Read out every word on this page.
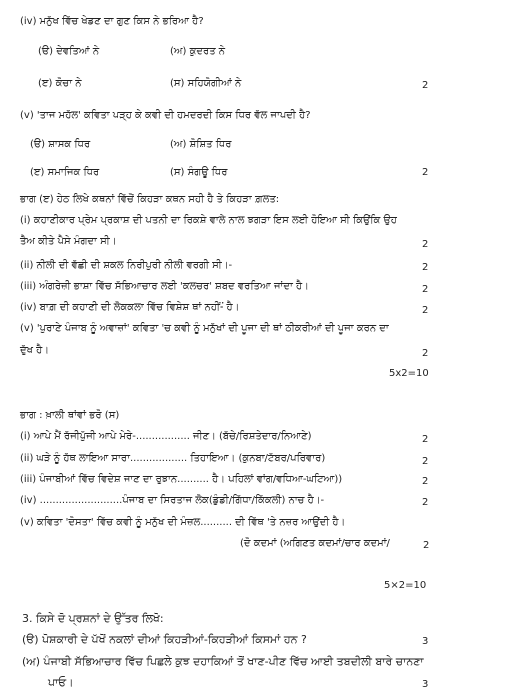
(iv) ਮਨੁੱਖ ਵਿੱਚ ਖੇਡਣ ਦਾ ਗੁਣ ਕਿਸ ਨੇ ਭਰਿਆ ਹੈ?
(ੳ) ਦੇਵਤਿਆਂ ਨੇ	(ਅ) ਕੁਦਰਤ ਨੇ
(ੲ) ਕੋਚਾ ਨੇ	(ਸ) ਸਹਿਯੋਗੀਆਂ ਨੇ	2
(v) 'ਤਾਜ ਮਹੱਲ' ਕਵਿਤਾ ਪੜ੍ਹ ਕੇ ਕਵੀ ਦੀ ਹਮਦਰਦੀ ਕਿਸ ਧਿਰ ਵੱਲ ਜਾਪਦੀ ਹੈ?
(ੳ) ਸ਼ਾਸਕ ਧਿਰ	(ਅ) ਸ਼ੋਸ਼ਿਤ ਧਿਰ
(ੲ) ਸਮਾਜਿਕ ਧਿਰ	(ਸ) ਸੰਗਊ ਧਿਰ	2
ਭਾਗ (ੲ) ਹੇਠ ਲਿਖੇ ਕਥਨਾਂ ਵਿੱਚੋਂ ਕਿਹੜਾ ਕਥਨ ਸਹੀ ਹੈ ਤੇ ਕਿਹੜਾ ਗ਼ਲਤ:
(i) ਕਹਾਣੀਕਾਰ ਪ੍ਰੇਮ ਪ੍ਰਕਾਸ਼ ਦੀ ਪਤਨੀ ਦਾ ਰਿਕਸ਼ੇ ਵਾਲੇ ਨਾਲ ਝਗੜਾ ਇਸ ਲਈ ਹੋਇਆ ਸੀ ਕਿਉਂਕਿ ਉਹ
ਤੈਅ ਕੀਤੇ ਪੈਸੇ ਮੰਗਦਾ ਸੀ।	2
(ii) ਨੀਲੀ ਦੀ ਵੱਛੀ ਦੀ ਸ਼ਕਲ ਨਿਰੀਪੁਰੀ ਨੀਲੀ ਵਰਗੀ ਸੀ।-	2
(iii) ਅੰਗਰੇਜ਼ੀ ਭਾਸ਼ਾ ਵਿੱਚ ਸੱਭਿਆਚਾਰ ਲਈ 'ਕਲਚਰ' ਸ਼ਬਦ ਵਰਤਿਆ ਜਾਂਦਾ ਹੈ।	2
(iv) ਬਾਗ਼ ਦੀ ਕਹਾਣੀ ਦੀ ਲੋਕਕਲਾ ਵਿੱਚ ਵਿਸ਼ੇਸ਼ ਥਾਂ ਨਹੀਂ-ਂ ਹੈ।	2
(v) 'ਪੁਰਾਣੇ ਪੰਜਾਬ ਨੂੰ ਅਵਾਜ਼ਾਂ' ਕਵਿਤਾ 'ਚ ਕਵੀ ਨੂੰ ਮਨੁੱਖਾਂ ਦੀ ਪੂਜਾ ਦੀ ਥਾਂ ਠੀਕਰੀਆਂ ਦੀ ਪੂਜਾ ਕਰਨ ਦਾ
ਦੁੱਖ ਹੈ।	2
5x2=10
ਭਾਗ : ਖ਼ਾਲੀ ਥਾਂਵਾਂ ਭਰੋ (ਸ)
(i) ਆਪੇ ਮੈਂ ਰੱਜੀਪੁੱਜੀ ਆਪੇ ਮੇਰੇ-................. ਜੀਣ। (ਬੱਚੇ/ਰਿਸ਼ਤੇਦਾਰ/ਨਿਆਣੇ)	2
(ii) ਘੜੇ ਨੂੰ ਹੱਥ ਲਾਇਆ ਸਾਰਾ.................. ਤਿਹਾਇਆ। (ਕੁਨਬਾ/ਟੱਬਰ/ਪਰਿਵਾਰ)	2
(iii) ਪੰਜਾਬੀਆਂ ਵਿੱਚ ਵਿਦੇਸ਼ ਜਾਣ ਦਾ ਰੁਝਾਨ.......... ਹੈ। ਪਹਿਲਾਂ ਵਾਂਗ/ਵਧਿਆ-ਘਟਿਆ))	2
(iv) ..........................ਪੰਜਾਬ ਦਾ ਸਿਰਤਾਜ ਲੋਕ(ਡੁੰਡੀ/ਗਿੱਧਾ/ਕਿੱਕਲੀ) ਨਾਚ ਹੈ।-	2
(v) ਕਵਿਤਾ 'ਦੋਸਤਾ' ਵਿੱਚ ਕਵੀ ਨੂੰ ਮਨੁੱਖ ਦੀ ਮੰਜ਼ਲ.......... ਦੀ ਵਿੱਥ 'ਤੇ ਨਜ਼ਰ ਆਉਂਦੀ ਹੈ।
(ਦੋ ਕਦਮਾਂ (ਅਗਿਣਤ ਕਦਮਾਂ/ਚਾਰ ਕਦਮਾਂ/	2
5×2=10
3. ਕਿਸੇ ਦੋ ਪ੍ਰਸ਼ਨਾਂ ਦੇ ਉੱਤਰ ਲਿਖੋ:
(ੳ) ਪੋਸ਼ਕਾਰੀ ਦੇ ਪੱਖੋਂ ਨਕਲਾਂ ਦੀਆਂ ਕਿਹੜੀਆਂ-ਕਿਹੜੀਆਂ ਕਿਸਮਾਂ ਹਨ ?	3
(ਅ) ਪੰਜਾਬੀ ਸੱਭਿਆਚਾਰ ਵਿੱਚ ਪਿਛਲੇ ਕੁਝ ਦਹਾਕਿਆਂ ਤੋਂ ਖਾਣ-ਪੀਣ ਵਿੱਚ ਆਈ ਤਬਦੀਲੀ ਬਾਰੇ ਚਾਨਣਾ
ਪਾਓ।	3
